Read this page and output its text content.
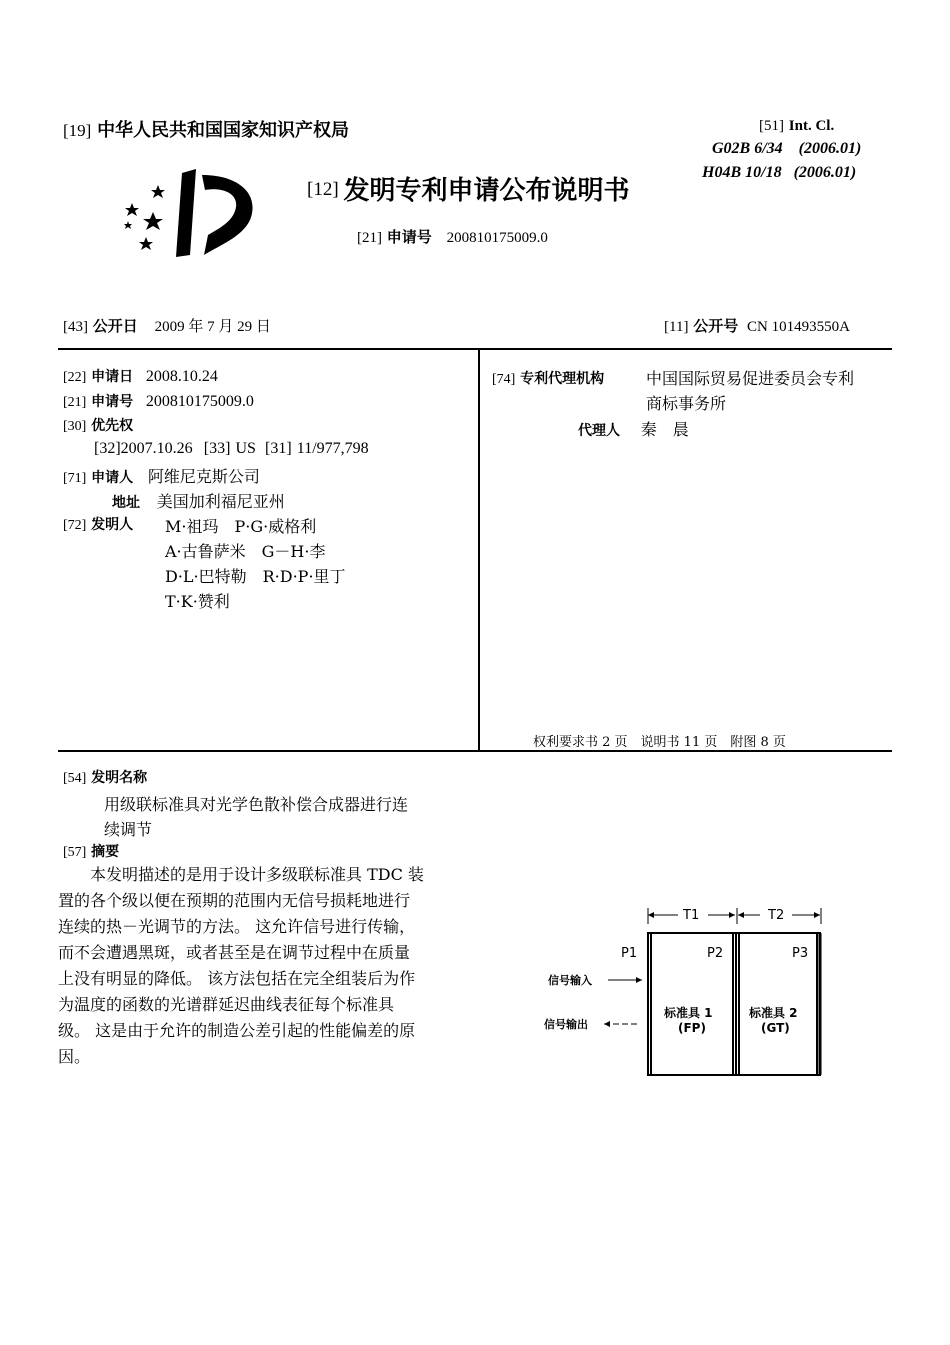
[19] 中华人民共和国国家知识产权局
[12] 发明专利申请公布说明书
[21] 申请号 200810175009.0
[51] Int. Cl.
G02B 6/34 (2006.01)
H04B 10/18 (2006.01)
[43] 公开日 2009 年 7 月 29 日	[11] 公开号 CN 101493550A
[22] 申请日 2008.10.24
[21] 申请号 200810175009.0
[30] 优先权
[32]2007.10.26 [33] US [31] 11/977,798
[71] 申请人 阿维尼克斯公司
地址 美国加利福尼亚州
[72] 发明人 M·祖玛　P·G·威格利
A·古鲁萨米　G－H·李
D·L·巴特勒　R·D·P·里丁
T·K·赞利
[74] 专利代理机构	中国国际贸易促进委员会专利
商标事务所
代理人 秦　晨
权利要求书 2 页　说明书 11 页　附图 8 页
[54] 发明名称
用级联标准具对光学色散补偿合成器进行连
续调节
[57] 摘要

　　本发明描述的是用于设计多级联标准具 TDC 装

置的各个级以便在预期的范围内无信号损耗地进行

连续的热－光调节的方法。 这允许信号进行传输，

而不会遭遇黑斑，或者甚至是在调节过程中在质量

上没有明显的降低。 该方法包括在完全组装后为作

为温度的函数的光谱群延迟曲线表征每个标准具

级。 这是由于允许的制造公差引起的性能偏差的原

因。

T1	T2
P1	P2	P3
信号输入
信号输出
标准具 1
(FP)
标准具 2
(GT)
